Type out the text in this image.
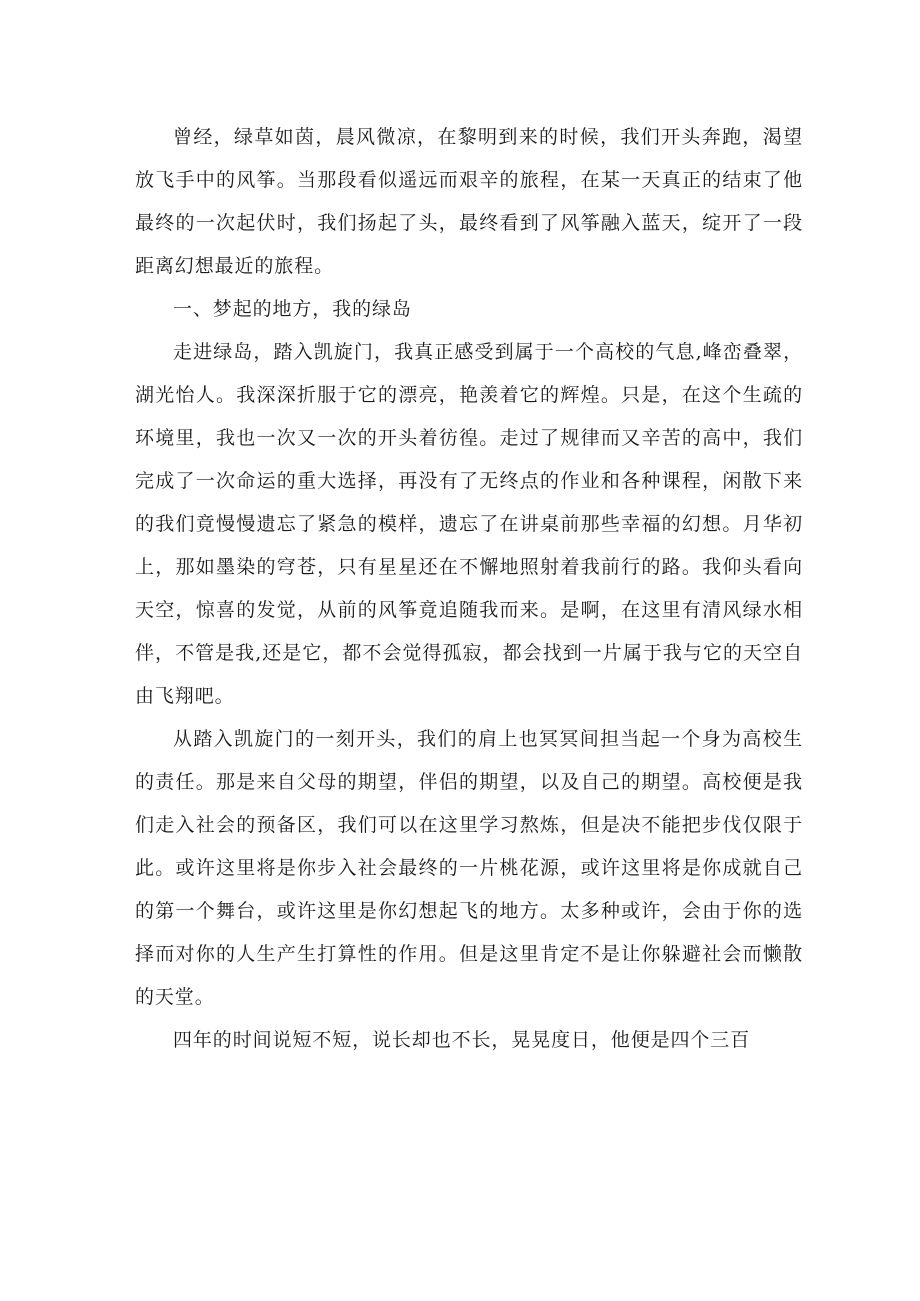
曾经，绿草如茵，晨风微凉，在黎明到来的时候，我们开头奔跑，渴望放飞手中的风筝。当那段看似遥远而艰辛的旅程，在某一天真正的结束了他最终的一次起伏时，我们扬起了头，最终看到了风筝融入蓝天，绽开了一段距离幻想最近的旅程。

一、梦起的地方，我的绿岛

走进绿岛，踏入凯旋门，我真正感受到属于一个高校的气息,峰峦叠翠，湖光怡人。我深深折服于它的漂亮，艳羡着它的辉煌。只是，在这个生疏的环境里，我也一次又一次的开头着彷徨。走过了规律而又辛苦的高中，我们完成了一次命运的重大选择，再没有了无终点的作业和各种课程，闲散下来的我们竟慢慢遗忘了紧急的模样，遗忘了在讲桌前那些幸福的幻想。月华初上，那如墨染的穹苍，只有星星还在不懈地照射着我前行的路。我仰头看向天空，惊喜的发觉，从前的风筝竟追随我而来。是啊，在这里有清风绿水相伴，不管是我,还是它，都不会觉得孤寂，都会找到一片属于我与它的天空自由飞翔吧。

从踏入凯旋门的一刻开头，我们的肩上也冥冥间担当起一个身为高校生的责任。那是来自父母的期望，伴侣的期望，以及自己的期望。高校便是我们走入社会的预备区，我们可以在这里学习熬炼，但是决不能把步伐仅限于此。或许这里将是你步入社会最终的一片桃花源，或许这里将是你成就自己的第一个舞台，或许这里是你幻想起飞的地方。太多种或许，会由于你的选择而对你的人生产生打算性的作用。但是这里肯定不是让你躲避社会而懒散的天堂。

四年的时间说短不短，说长却也不长，晃晃度日，他便是四个三百
